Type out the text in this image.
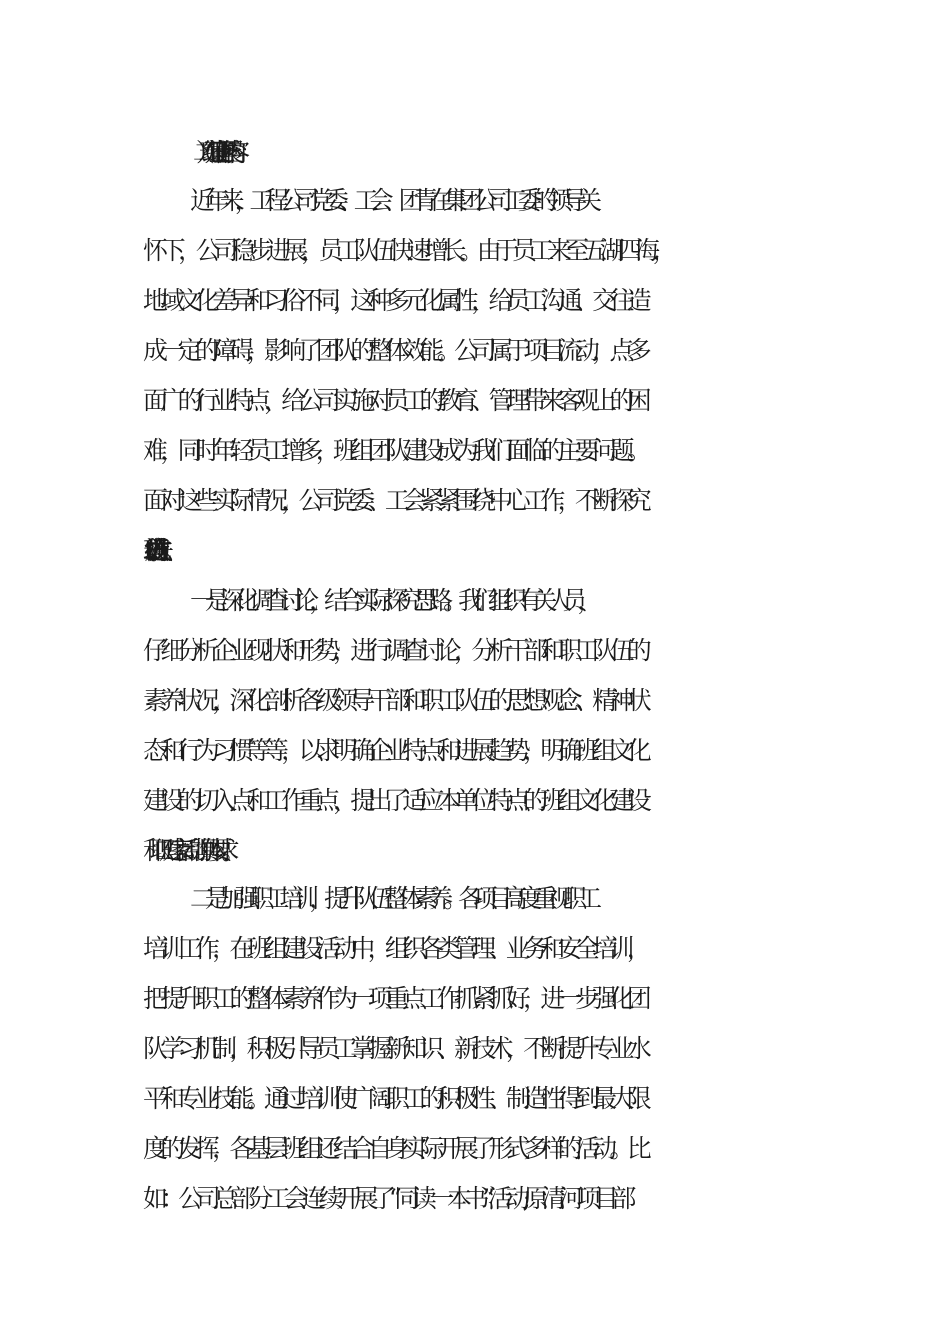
（二）班组建设工作开展内容
近年来，工程公司党委、工会、团青在集团公司工委的领导关
怀下，公司稳步进展，员工队伍快速增长。由于员工来至五湖四海，
地域文化差异和习俗不同，这种多元化属性，给员工沟通、交往造
成一定的障碍，影响了团队的整体效能。公司属于项目流动，点多
面广的行业特点，给公司实施对员工的教育、管理带来客观上的困
难，同时年轻员工增多，班组团队建设成为我们面临的主要问题。
面对这些实际情况，公司党委、工会紧紧围绕中心工作，不断探究
班组建设的方式方法。
一是深化调查讨论，结合实际探究思路。我们组织有关人员，
仔细分析企业现状和形势，进行调查讨论，分析干部和职工队伍的
素养状况，深化剖析各级领导干部和职工队伍的思想观念、精神状
态和行为习惯等等，以求明确企业特点和进展趋势，明确班组文化
建设的切入点和工作重点，提出了适应本单位特点的班组文化建设
和职工建家活动的具体要求。
二是加强职工培训，提升队伍整体素养。各项目高度重视职工
培训工作，在班组建设活动中，组织各类管理、业务和安全培训，
把提升职工的整体素养作为一项重点工作抓紧抓好，进一步强化团
队学习机制，积极引导员工掌握新知识、新技术，不断提升专业水
平和专业技能。通过培训使广阔职工的积极性、制造性得到最大限
度的发挥，各基层班组还结合自身实际开展了形式多样的活动。比
如：公司总部分工会连续开展了“同读一本书”活动;原清河项目部
